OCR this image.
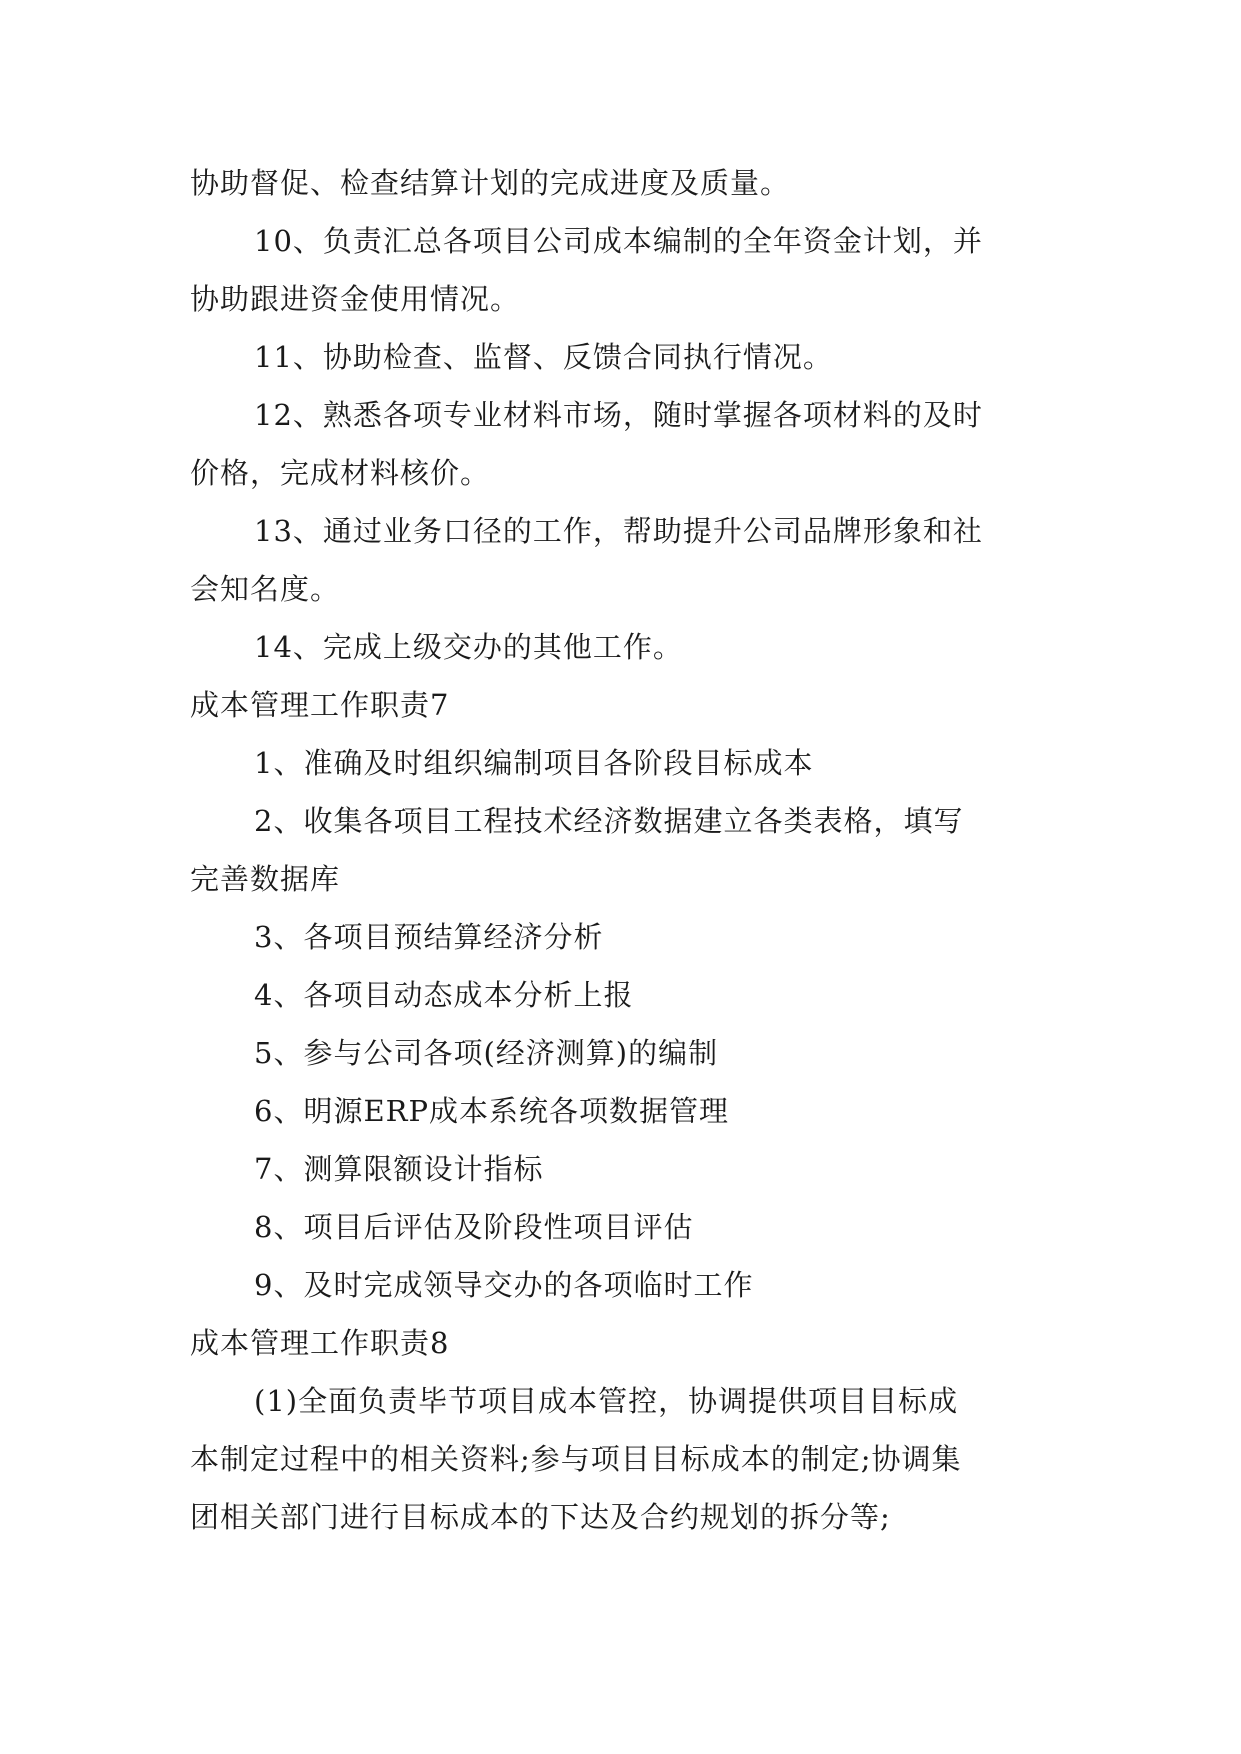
协助督促、检查结算计划的完成进度及质量。
10、负责汇总各项目公司成本编制的全年资金计划，并
协助跟进资金使用情况。
11、协助检查、监督、反馈合同执行情况。
12、熟悉各项专业材料市场，随时掌握各项材料的及时
价格，完成材料核价。
13、通过业务口径的工作，帮助提升公司品牌形象和社
会知名度。
14、完成上级交办的其他工作。
成本管理工作职责7
1、准确及时组织编制项目各阶段目标成本
2、收集各项目工程技术经济数据建立各类表格，填写
完善数据库
3、各项目预结算经济分析
4、各项目动态成本分析上报
5、参与公司各项(经济测算)的编制
6、明源ERP成本系统各项数据管理
7、测算限额设计指标
8、项目后评估及阶段性项目评估
9、及时完成领导交办的各项临时工作
成本管理工作职责8
(1)全面负责毕节项目成本管控，协调提供项目目标成
本制定过程中的相关资料;参与项目目标成本的制定;协调集
团相关部门进行目标成本的下达及合约规划的拆分等;
